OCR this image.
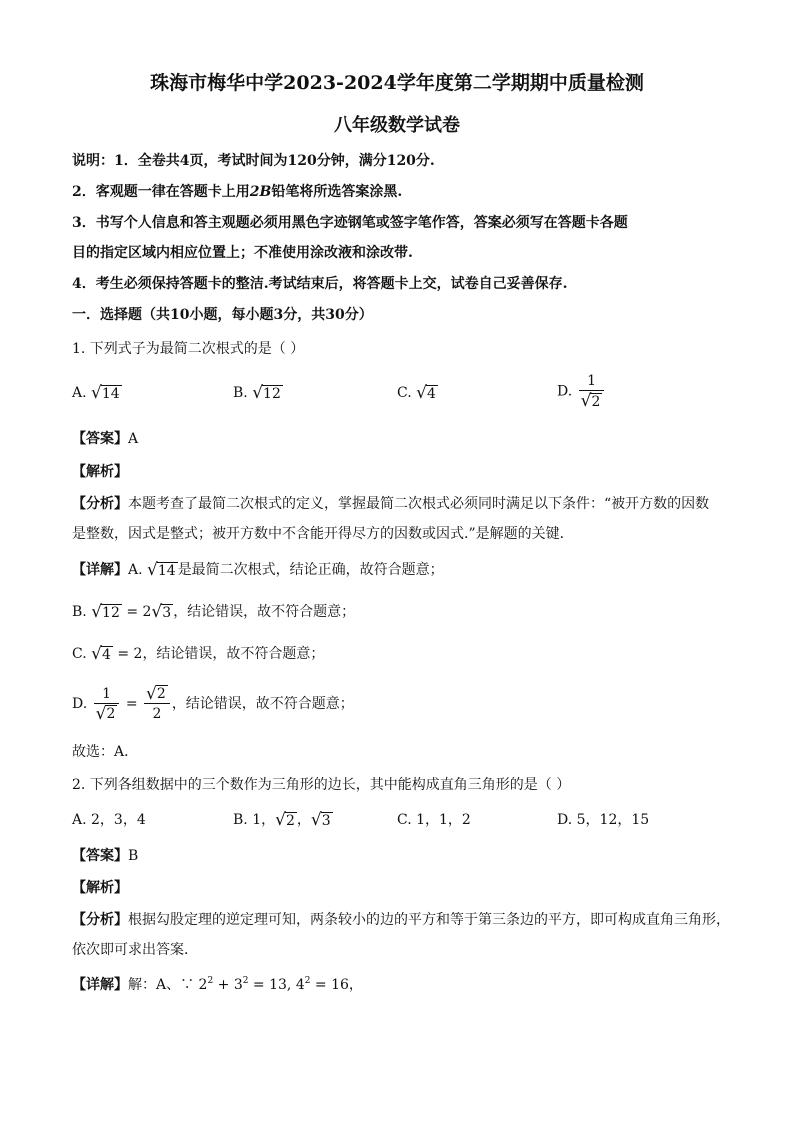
珠海市梅华中学2023-2024学年度第二学期期中质量检测
八年级数学试卷
说明：1．全卷共4页，考试时间为120分钟，满分120分.
2．客观题一律在答题卡上用2B铅笔将所选答案涂黑.
3．书写个人信息和答主观题必须用黑色字迹钢笔或签字笔作答，答案必须写在答题卡各题
目的指定区域内相应位置上；不准使用涂改液和涂改带.
4．考生必须保持答题卡的整洁.考试结束后，将答题卡上交，试卷自己妥善保存.
一．选择题（共10小题，每小题3分，共30分）
1. 下列式子为最简二次根式的是（ ）
A. √14	B. √12	C. √4	D. $\frac{1}{√2}$
【答案】A
【解析】
【分析】本题考查了最简二次根式的定义，掌握最简二次根式必须同时满足以下条件：“被开方数的因数
是整数，因式是整式；被开方数中不含能开得尽方的因数或因式.”是解题的关键．
【详解】A. √14 是最简二次根式，结论正确，故符合题意；
B. √12 = 2√3 ，结论错误，故不符合题意；
C. √4 = 2，结论错误，故不符合题意；
D. $\frac{1}{√2} = \frac{√2}{2}$ ，结论错误，故不符合题意；
故选：A．
2. 下列各组数据中的三个数作为三角形的边长，其中能构成直角三角形的是（ ）
A. 2，3，4	B. 1，√2 ，√3	C. 1，1，2	D. 5，12，15
【答案】B
【解析】
【分析】根据勾股定理的逆定理可知，两条较小的边的平方和等于第三条边的平方，即可构成直角三角形，
依次即可求出答案．
【详解】解：A、∵ $2^2 + 3^2 = 13$, $4^2 = 16$，
